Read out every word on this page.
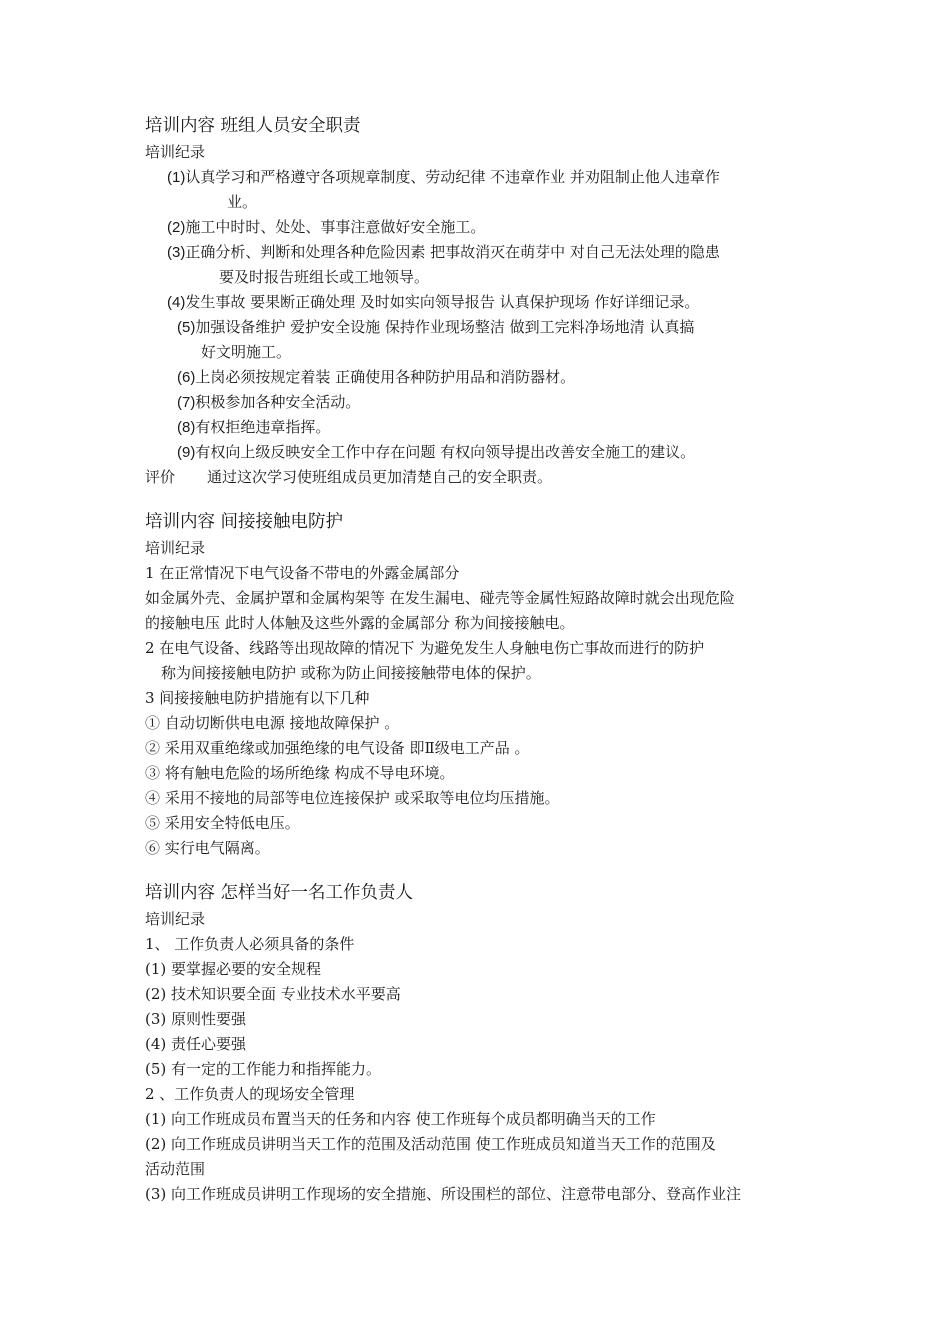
培训内容 班组人员安全职责
培训纪录
(1)认真学习和严格遵守各项规章制度、劳动纪律 不违章作业 并劝阻制止他人违章作
业。
(2)施工中时时、处处、事事注意做好安全施工。
(3)正确分析、判断和处理各种危险因素 把事故消灭在萌芽中 对自己无法处理的隐患
要及时报告班组长或工地领导。
(4)发生事故 要果断正确处理 及时如实向领导报告 认真保护现场 作好详细记录。
(5)加强设备维护 爱护安全设施 保持作业现场整洁 做到工完料净场地清 认真搞
好文明施工。
(6)上岗必须按规定着装 正确使用各种防护用品和消防器材。
(7)积极参加各种安全活动。
(8)有权拒绝违章指挥。
(9)有权向上级反映安全工作中存在问题 有权向领导提出改善安全施工的建议。
评价 通过这次学习使班组成员更加清楚自己的安全职责。
培训内容 间接接触电防护
培训纪录
1 在正常情况下电气设备不带电的外露金属部分
如金属外壳、金属护罩和金属构架等 在发生漏电、碰壳等金属性短路故障时就会出现危险
的接触电压 此时人体触及这些外露的金属部分 称为间接接触电。
2 在电气设备、线路等出现故障的情况下 为避免发生人身触电伤亡事故而进行的防护
称为间接接触电防护 或称为防止间接接触带电体的保护。
3 间接接触电防护措施有以下几种
① 自动切断供电电源 接地故障保护 。
② 采用双重绝缘或加强绝缘的电气设备 即Ⅱ级电工产品 。
③ 将有触电危险的场所绝缘 构成不导电环境。
④ 采用不接地的局部等电位连接保护 或采取等电位均压措施。
⑤ 采用安全特低电压。
⑥ 实行电气隔离。
培训内容 怎样当好一名工作负责人
培训纪录
1、 工作负责人必须具备的条件
(1) 要掌握必要的安全规程
(2) 技术知识要全面 专业技术水平要高
(3) 原则性要强
(4) 责任心要强
(5) 有一定的工作能力和指挥能力。
2 、工作负责人的现场安全管理
(1) 向工作班成员布置当天的任务和内容 使工作班每个成员都明确当天的工作
(2) 向工作班成员讲明当天工作的范围及活动范围 使工作班成员知道当天工作的范围及
活动范围
(3) 向工作班成员讲明工作现场的安全措施、所设围栏的部位、注意带电部分、登高作业注
